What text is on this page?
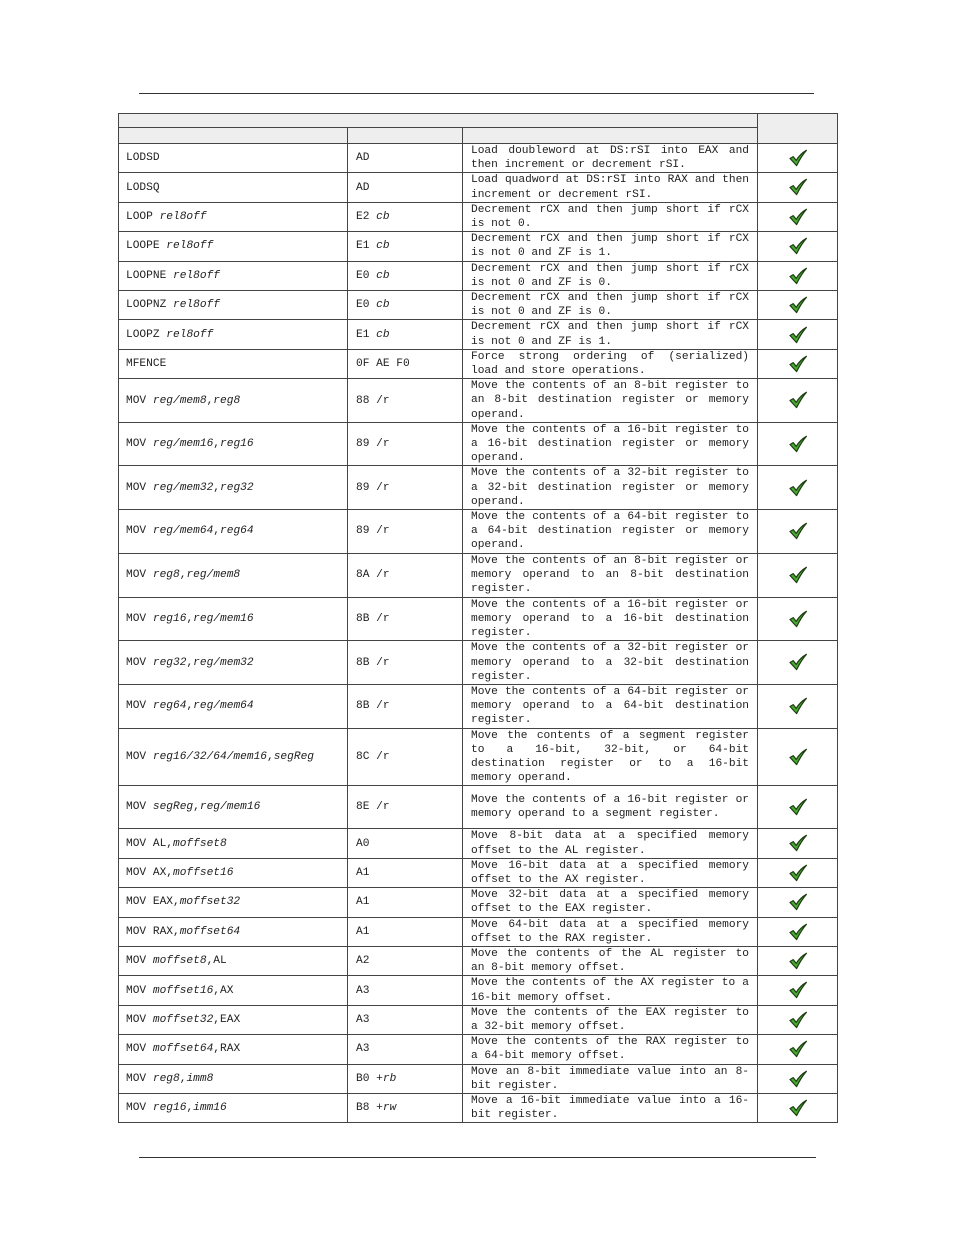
LODSD	AD	Load doubleword at DS:rSI into EAX and then increment or decrement rSI.	
LODSQ	AD	Load quadword at DS:rSI into RAX and then increment or decrement rSI.	
LOOP rel8off	E2 cb	Decrement rCX and then jump short if rCX is not 0.	
LOOPE rel8off	E1 cb	Decrement rCX and then jump short if rCX is not 0 and ZF is 1.	
LOOPNE rel8off	E0 cb	Decrement rCX and then jump short if rCX is not 0 and ZF is 0.	
LOOPNZ rel8off	E0 cb	Decrement rCX and then jump short if rCX is not 0 and ZF is 0.	
LOOPZ rel8off	E1 cb	Decrement rCX and then jump short if rCX is not 0 and ZF is 1.	
MFENCE	0F AE F0	Force strong ordering of (serialized) load and store operations.	
MOV reg/mem8,reg8	88 /r	Move the contents of an 8-bit register to an 8-bit destination register or memory operand.	
MOV reg/mem16,reg16	89 /r	Move the contents of a 16-bit register to a 16-bit destination register or memory operand.	
MOV reg/mem32,reg32	89 /r	Move the contents of a 32-bit register to a 32-bit destination register or memory operand.	
MOV reg/mem64,reg64	89 /r	Move the contents of a 64-bit register to a 64-bit destination register or memory operand.	
MOV reg8,reg/mem8	8A /r	Move the contents of an 8-bit register or memory operand to an 8-bit destination register.	
MOV reg16,reg/mem16	8B /r	Move the contents of a 16-bit register or memory operand to a 16-bit destination register.	
MOV reg32,reg/mem32	8B /r	Move the contents of a 32-bit register or memory operand to a 32-bit destination register.	
MOV reg64,reg/mem64	8B /r	Move the contents of a 64-bit register or memory operand to a 64-bit destination register.	
MOV reg16/32/64/mem16,segReg	8C /r	Move the contents of a segment register to a 16-bit, 32-bit, or 64-bit destination register or to a 16-bit memory operand.	
MOV segReg,reg/mem16	8E /r	Move the contents of a 16-bit register or memory operand to a segment register.	
MOV AL,moffset8	A0	Move 8-bit data at a specified memory offset to the AL register.	
MOV AX,moffset16	A1	Move 16-bit data at a specified memory offset to the AX register.	
MOV EAX,moffset32	A1	Move 32-bit data at a specified memory offset to the EAX register.	
MOV RAX,moffset64	A1	Move 64-bit data at a specified memory offset to the RAX register.	
MOV moffset8,AL	A2	Move the contents of the AL register to an 8-bit memory offset.	
MOV moffset16,AX	A3	Move the contents of the AX register to a 16-bit memory offset.	
MOV moffset32,EAX	A3	Move the contents of the EAX register to a 32-bit memory offset.	
MOV moffset64,RAX	A3	Move the contents of the RAX register to a 64-bit memory offset.	
MOV reg8,imm8	B0 +rb	Move an 8-bit immediate value into an 8-bit register.	
MOV reg16,imm16	B8 +rw	Move a 16-bit immediate value into a 16-bit register.	
